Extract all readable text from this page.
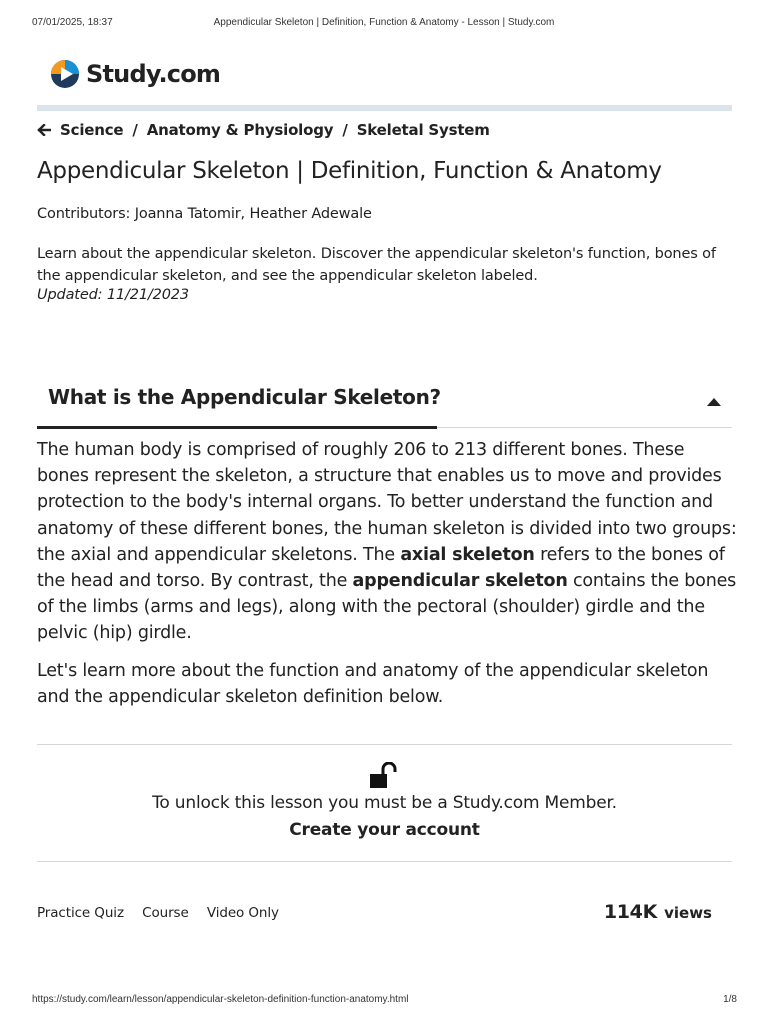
07/01/2025, 18:37	Appendicular Skeleton | Definition, Function & Anatomy - Lesson | Study.com
Study.com
Science / Anatomy & Physiology / Skeletal System
Appendicular Skeleton | Definition, Function & Anatomy
Contributors: Joanna Tatomir, Heather Adewale
Learn about the appendicular skeleton. Discover the appendicular skeleton's function, bones of the appendicular skeleton, and see the appendicular skeleton labeled.
Updated: 11/21/2023
What is the Appendicular Skeleton?

The human body is comprised of roughly 206 to 213 different bones. These bones represent the skeleton, a structure that enables us to move and provides protection to the body's internal organs. To better understand the function and anatomy of these different bones, the human skeleton is divided into two groups: the axial and appendicular skeletons. The axial skeleton refers to the bones of the head and torso. By contrast, the appendicular skeleton contains the bones of the limbs (arms and legs), along with the pectoral (shoulder) girdle and the pelvic (hip) girdle.

Let's learn more about the function and anatomy of the appendicular skeleton and the appendicular skeleton definition below.

To unlock this lesson you must be a Study.com Member.
Create your account
Practice Quiz Course Video Only	114K views
https://study.com/learn/lesson/appendicular-skeleton-definition-function-anatomy.html	1/8
